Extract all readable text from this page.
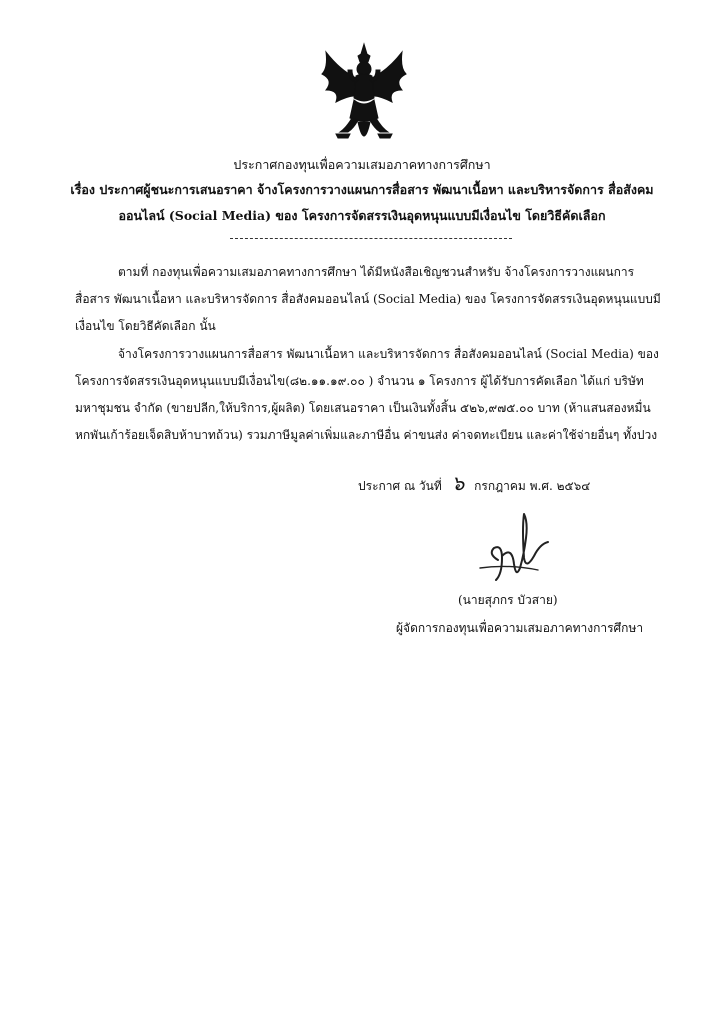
ประกาศกองทุนเพื่อความเสมอภาคทางการศึกษา
เรื่อง ประกาศผู้ชนะการเสนอราคา จ้างโครงการวางแผนการสื่อสาร พัฒนาเนื้อหา และบริหารจัดการ สื่อสังคม
ออนไลน์ (Social Media) ของ โครงการจัดสรรเงินอุดหนุนแบบมีเงื่อนไข โดยวิธีคัดเลือก
ตามที่ กองทุนเพื่อความเสมอภาคทางการศึกษา ได้มีหนังสือเชิญชวนสำหรับ จ้างโครงการวางแผนการ
สื่อสาร พัฒนาเนื้อหา และบริหารจัดการ สื่อสังคมออนไลน์ (Social Media) ของ โครงการจัดสรรเงินอุดหนุนแบบมี
เงื่อนไข โดยวิธีคัดเลือก นั้น
จ้างโครงการวางแผนการสื่อสาร พัฒนาเนื้อหา และบริหารจัดการ สื่อสังคมออนไลน์ (Social Media) ของ
โครงการจัดสรรเงินอุดหนุนแบบมีเงื่อนไข(๘๒.๑๑.๑๙.๐๐ ) จำนวน ๑ โครงการ ผู้ได้รับการคัดเลือก ได้แก่ บริษัท
มหาชุมชน จำกัด (ขายปลีก,ให้บริการ,ผู้ผลิต) โดยเสนอราคา เป็นเงินทั้งสิ้น ๕๒๖,๙๗๕.๐๐ บาท (ห้าแสนสองหมื่น
หกพันเก้าร้อยเจ็ดสิบห้าบาทถ้วน) รวมภาษีมูลค่าเพิ่มและภาษีอื่น ค่าขนส่ง ค่าจดทะเบียน และค่าใช้จ่ายอื่นๆ ทั้งปวง
ประกาศ ณ วันที่ ๖ กรกฎาคม พ.ศ. ๒๕๖๔
(นายสุภกร บัวสาย)
ผู้จัดการกองทุนเพื่อความเสมอภาคทางการศึกษา
